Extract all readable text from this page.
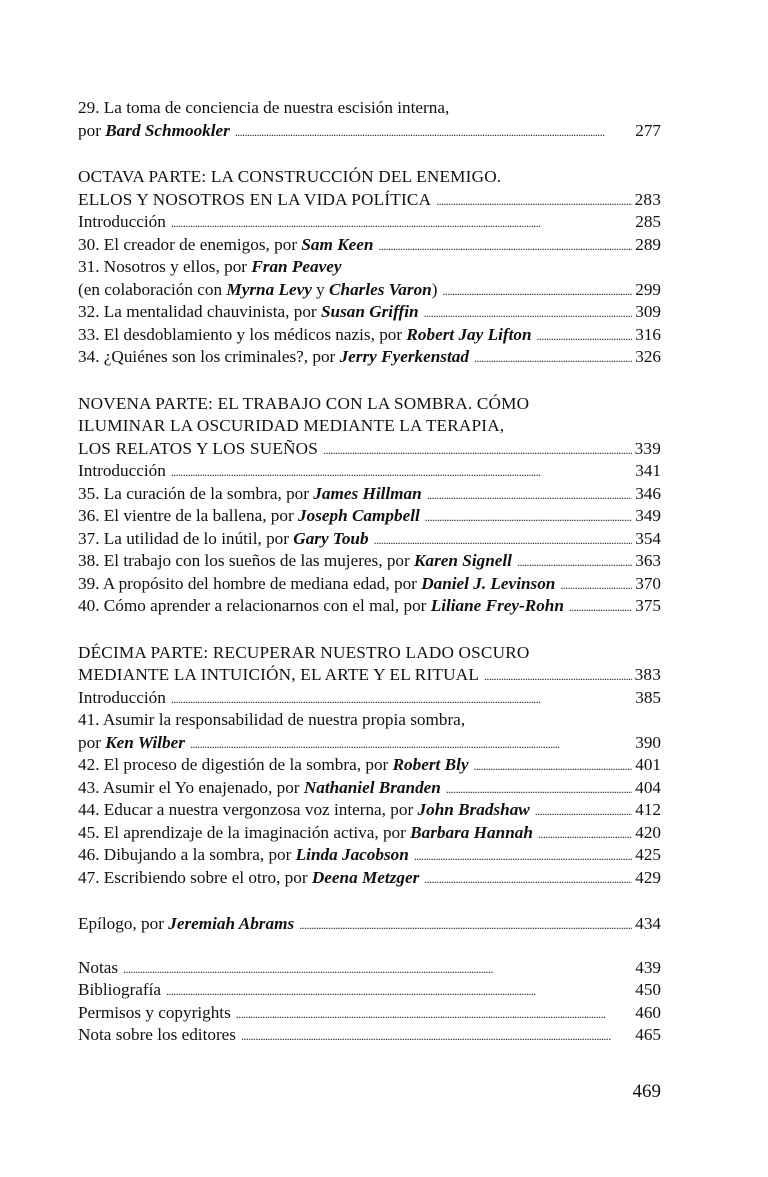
29. La toma de conciencia de nuestra escisión interna,
por Bard Schmookler . . .	277
OCTAVA PARTE: LA CONSTRUCCIÓN DEL ENEMIGO.
ELLOS Y NOSOTROS EN LA VIDA POLÍTICA . . .	283
Introducción . . .	285
30. El creador de enemigos, por Sam Keen . . .	289
31. Nosotros y ellos, por Fran Peavey
(en colaboración con Myrna Levy y Charles Varon) . . .	299
32. La mentalidad chauvinista, por Susan Griffin . . .	309
33. El desdoblamiento y los médicos nazis, por Robert Jay Lifton . . .	316
34. ¿Quiénes son los criminales?, por Jerry Fyerkenstad . . .	326
NOVENA PARTE: EL TRABAJO CON LA SOMBRA. CÓMO
ILUMINAR LA OSCURIDAD MEDIANTE LA TERAPIA,
LOS RELATOS Y LOS SUEÑOS . . .	339
Introducción . . .	341
35. La curación de la sombra, por James Hillman . . .	346
36. El vientre de la ballena, por Joseph Campbell . . .	349
37. La utilidad de lo inútil, por Gary Toub . . .	354
38. El trabajo con los sueños de las mujeres, por Karen Signell . . .	363
39. A propósito del hombre de mediana edad, por Daniel J. Levinson . . .	370
40. Cómo aprender a relacionarnos con el mal, por Liliane Frey-Rohn . . .	375
DÉCIMA PARTE: RECUPERAR NUESTRO LADO OSCURO
MEDIANTE LA INTUICIÓN, EL ARTE Y EL RITUAL . . .	383
Introducción . . .	385
41. Asumir la responsabilidad de nuestra propia sombra,
por Ken Wilber . . .	390
42. El proceso de digestión de la sombra, por Robert Bly . . .	401
43. Asumir el Yo enajenado, por Nathaniel Branden . . .	404
44. Educar a nuestra vergonzosa voz interna, por John Bradshaw . . .	412
45. El aprendizaje de la imaginación activa, por Barbara Hannah . . .	420
46. Dibujando a la sombra, por Linda Jacobson . . .	425
47. Escribiendo sobre el otro, por Deena Metzger . . .	429
Epílogo, por Jeremiah Abrams . . .	434
Notas . . .	439
Bibliografía . . .	450
Permisos y copyrights . . .	460
Nota sobre los editores . . .	465
469
